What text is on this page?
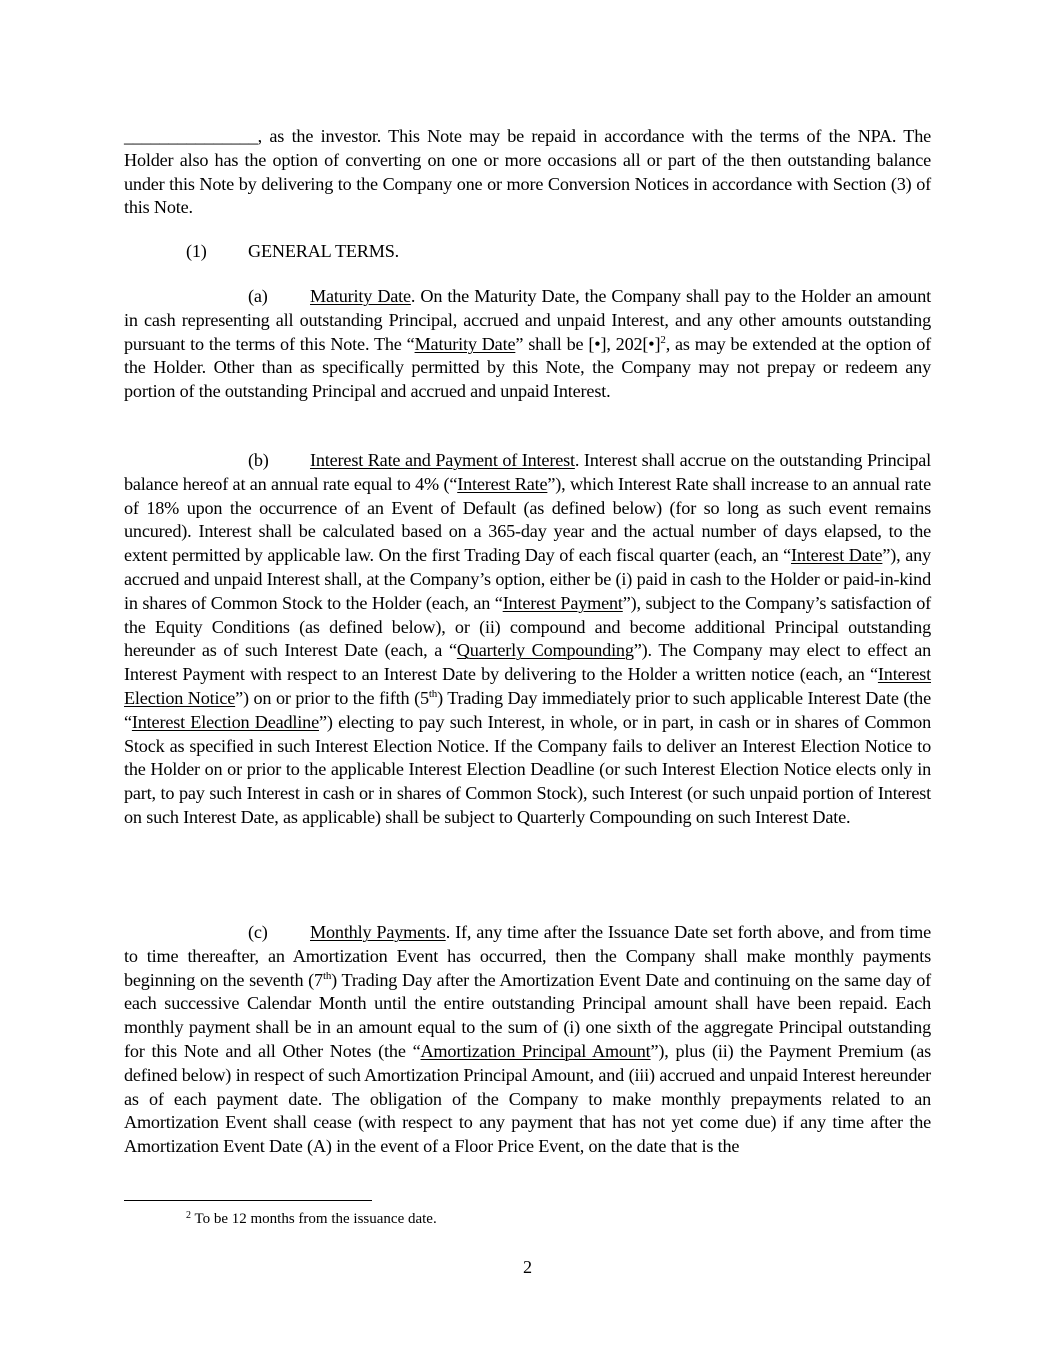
_______________, as the investor. This Note may be repaid in accordance with the terms of the NPA. The Holder also has the option of converting on one or more occasions all or part of the then outstanding balance under this Note by delivering to the Company one or more Conversion Notices in accordance with Section (3) of this Note.

(1) GENERAL TERMS.

(a) Maturity Date. On the Maturity Date, the Company shall pay to the Holder an amount in cash representing all outstanding Principal, accrued and unpaid Interest, and any other amounts outstanding pursuant to the terms of this Note. The “Maturity Date” shall be [•], 202[•]$^2$, as may be extended at the option of the Holder. Other than as specifically permitted by this Note, the Company may not prepay or redeem any portion of the outstanding Principal and accrued and unpaid Interest.

(b) Interest Rate and Payment of Interest. Interest shall accrue on the outstanding Principal balance hereof at an annual rate equal to 4% (“Interest Rate”), which Interest Rate shall increase to an annual rate of 18% upon the occurrence of an Event of Default (as defined below) (for so long as such event remains uncured). Interest shall be calculated based on a 365-day year and the actual number of days elapsed, to the extent permitted by applicable law. On the first Trading Day of each fiscal quarter (each, an “Interest Date”), any accrued and unpaid Interest shall, at the Company’s option, either be (i) paid in cash to the Holder or paid-in-kind in shares of Common Stock to the Holder (each, an “Interest Payment”), subject to the Company’s satisfaction of the Equity Conditions (as defined below), or (ii) compound and become additional Principal outstanding hereunder as of such Interest Date (each, a “Quarterly Compounding”). The Company may elect to effect an Interest Payment with respect to an Interest Date by delivering to the Holder a written notice (each, an “Interest Election Notice”) on or prior to the fifth (5th) Trading Day immediately prior to such applicable Interest Date (the “Interest Election Deadline”) electing to pay such Interest, in whole, or in part, in cash or in shares of Common Stock as specified in such Interest Election Notice. If the Company fails to deliver an Interest Election Notice to the Holder on or prior to the applicable Interest Election Deadline (or such Interest Election Notice elects only in part, to pay such Interest in cash or in shares of Common Stock), such Interest (or such unpaid portion of Interest on such Interest Date, as applicable) shall be subject to Quarterly Compounding on such Interest Date.

(c) Monthly Payments. If, any time after the Issuance Date set forth above, and from time to time thereafter, an Amortization Event has occurred, then the Company shall make monthly payments beginning on the seventh (7th) Trading Day after the Amortization Event Date and continuing on the same day of each successive Calendar Month until the entire outstanding Principal amount shall have been repaid. Each monthly payment shall be in an amount equal to the sum of (i) one sixth of the aggregate Principal outstanding for this Note and all Other Notes (the “Amortization Principal Amount”), plus (ii) the Payment Premium (as defined below) in respect of such Amortization Principal Amount, and (iii) accrued and unpaid Interest hereunder as of each payment date. The obligation of the Company to make monthly prepayments related to an Amortization Event shall cease (with respect to any payment that has not yet come due) if any time after the Amortization Event Date (A) in the event of a Floor Price Event, on the date that is the

$^2$ To be 12 months from the issuance date.

2
